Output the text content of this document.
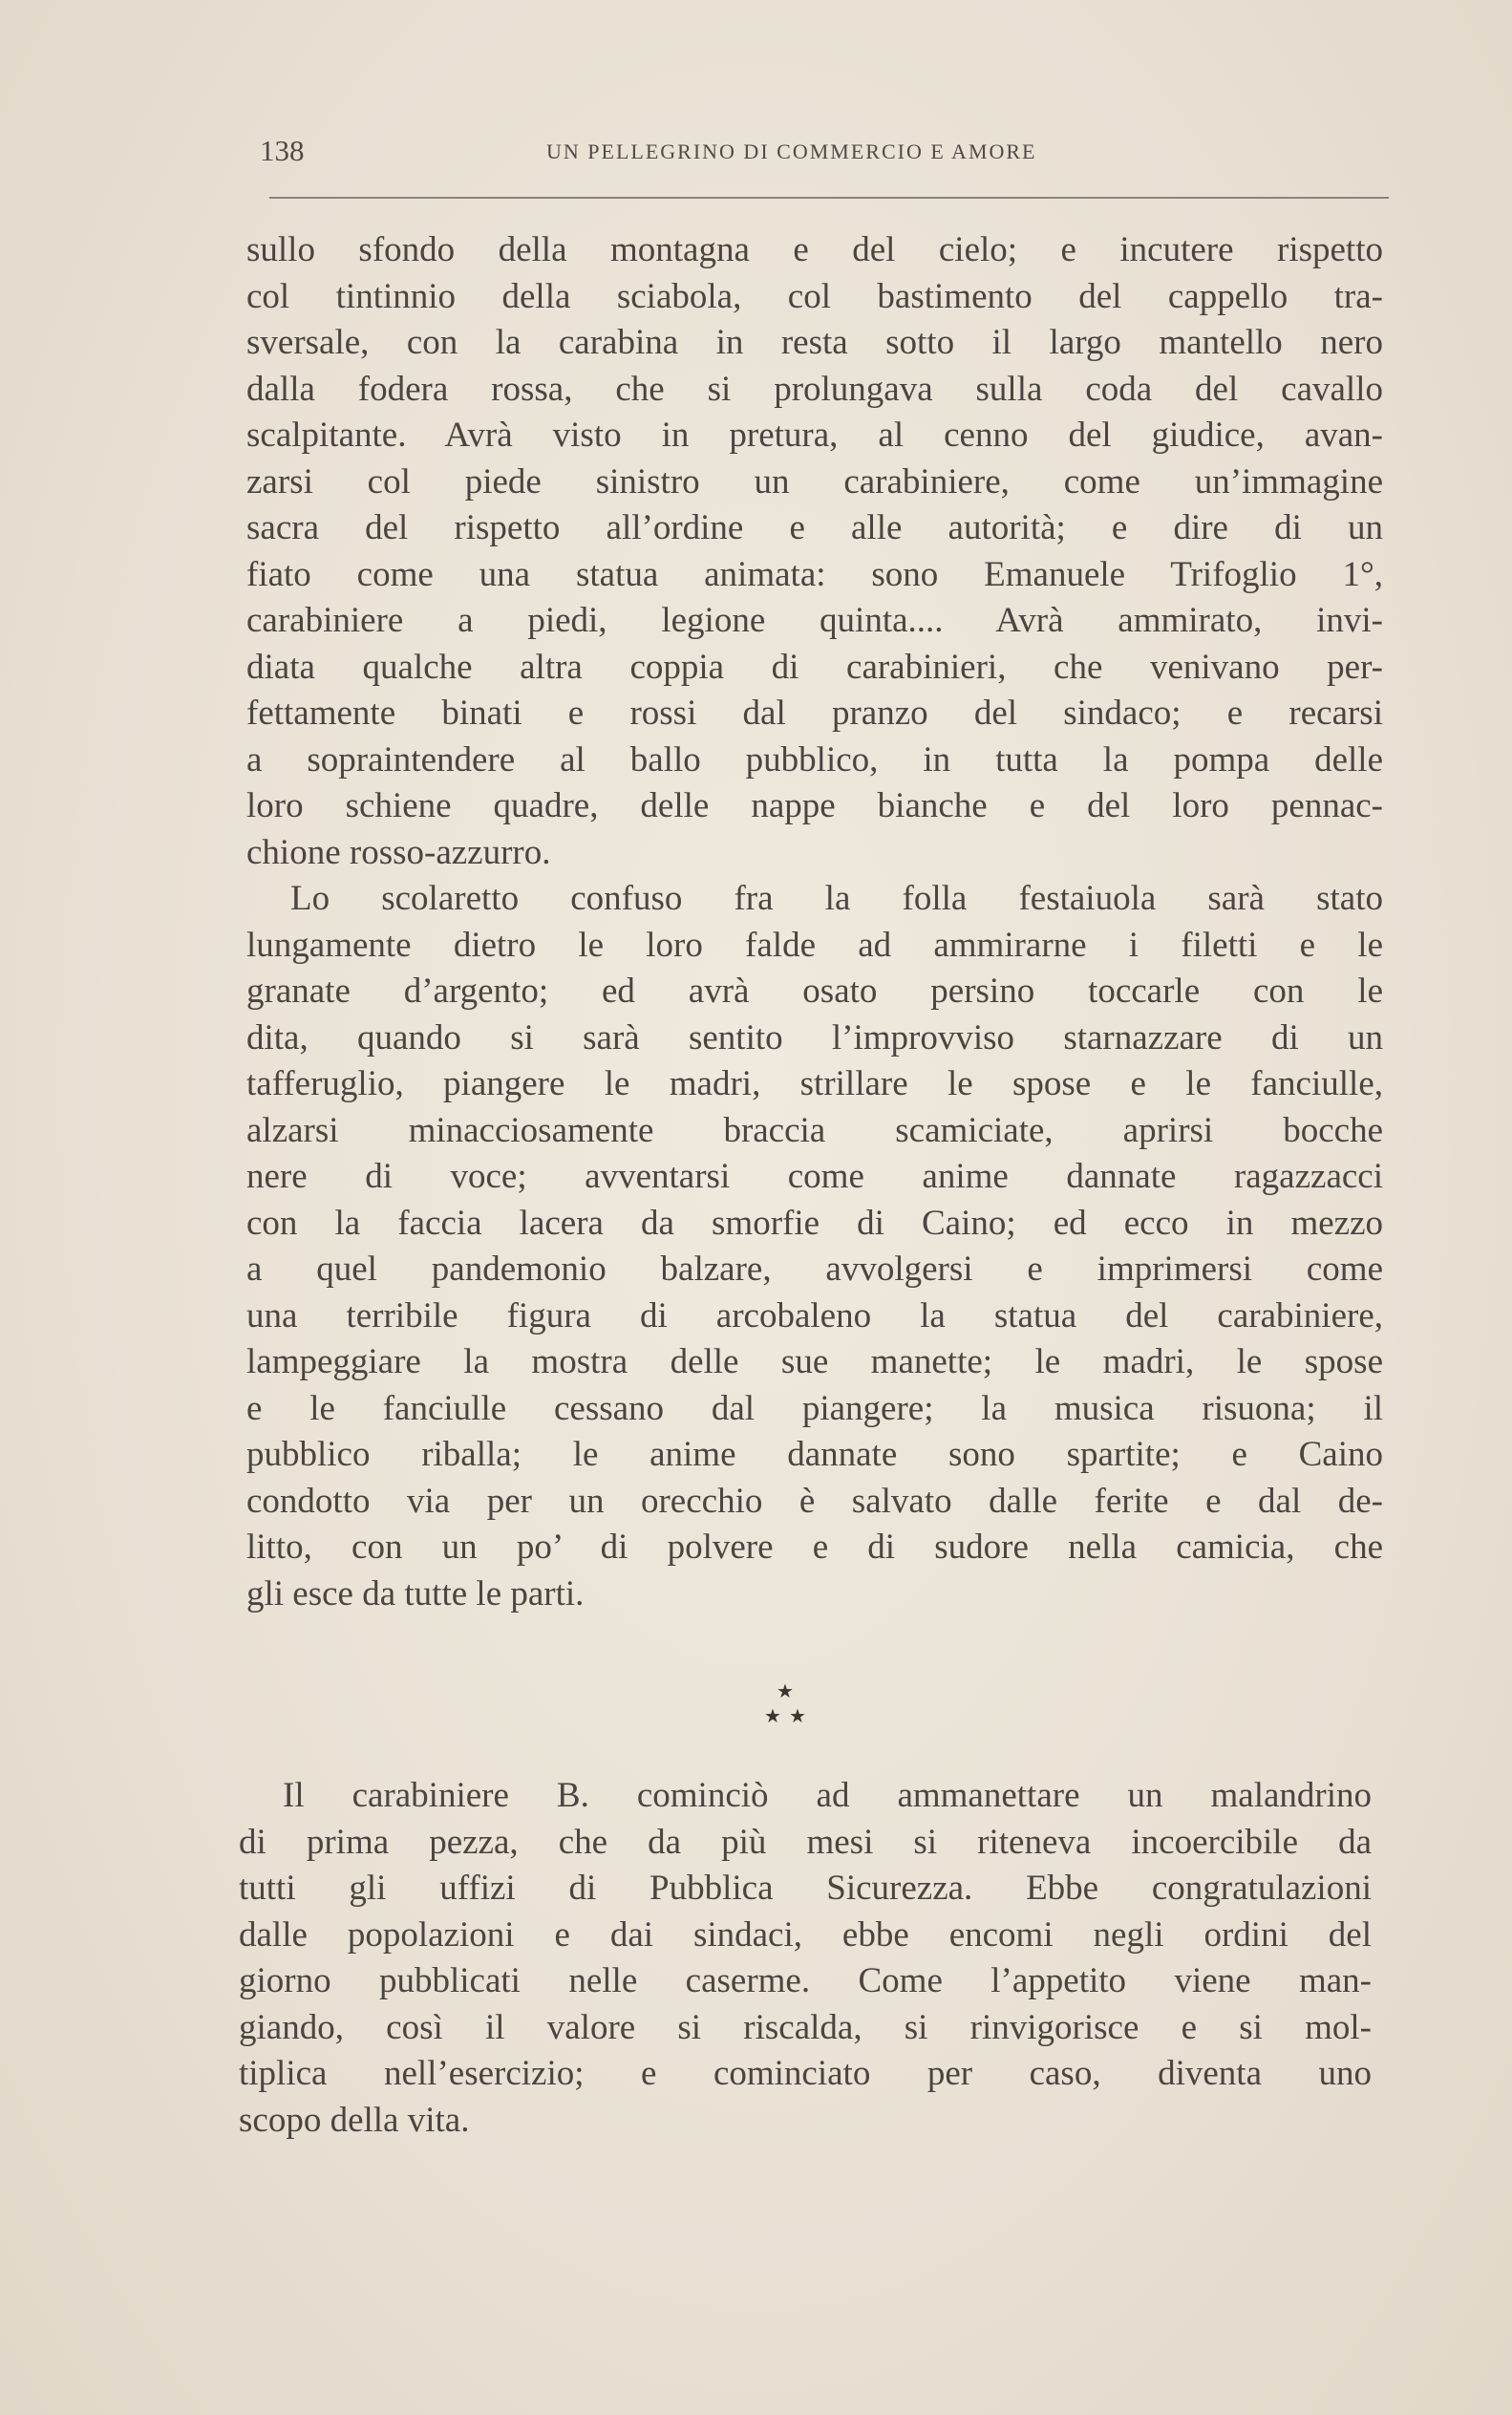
138	UN PELLEGRINO DI COMMERCIO E AMORE
sullo sfondo della montagna e del cielo; e incutere rispetto
col tintinnio della sciabola, col bastimento del cappello tra-
sversale, con la carabina in resta sotto il largo mantello nero
dalla fodera rossa, che si prolungava sulla coda del cavallo
scalpitante. Avrà visto in pretura, al cenno del giudice, avan-
zarsi col piede sinistro un carabiniere, come un’immagine
sacra del rispetto all’ordine e alle autorità; e dire di un
fiato come una statua animata: sono Emanuele Trifoglio 1°,
carabiniere a piedi, legione quinta.... Avrà ammirato, invi-
diata qualche altra coppia di carabinieri, che venivano per-
fettamente binati e rossi dal pranzo del sindaco; e recarsi
a sopraintendere al ballo pubblico, in tutta la pompa delle
loro schiene quadre, delle nappe bianche e del loro pennac-
chione rosso-azzurro.
Lo scolaretto confuso fra la folla festaiuola sarà stato
lungamente dietro le loro falde ad ammirarne i filetti e le
granate d’argento; ed avrà osato persino toccarle con le
dita, quando si sarà sentito l’improvviso starnazzare di un
tafferuglio, piangere le madri, strillare le spose e le fanciulle,
alzarsi minacciosamente braccia scamiciate, aprirsi bocche
nere di voce; avventarsi come anime dannate ragazzacci
con la faccia lacera da smorfie di Caino; ed ecco in mezzo
a quel pandemonio balzare, avvolgersi e imprimersi come
una terribile figura di arcobaleno la statua del carabiniere,
lampeggiare la mostra delle sue manette; le madri, le spose
e le fanciulle cessano dal piangere; la musica risuona; il
pubblico riballa; le anime dannate sono spartite; e Caino
condotto via per un orecchio è salvato dalle ferite e dal de-
litto, con un po’ di polvere e di sudore nella camicia, che
gli esce da tutte le parti.
★
★ ★
Il carabiniere B. cominciò ad ammanettare un malandrino
di prima pezza, che da più mesi si riteneva incoercibile da
tutti gli uffizi di Pubblica Sicurezza. Ebbe congratulazioni
dalle popolazioni e dai sindaci, ebbe encomi negli ordini del
giorno pubblicati nelle caserme. Come l’appetito viene man-
giando, così il valore si riscalda, si rinvigorisce e si mol-
tiplica nell’esercizio; e cominciato per caso, diventa uno
scopo della vita.
